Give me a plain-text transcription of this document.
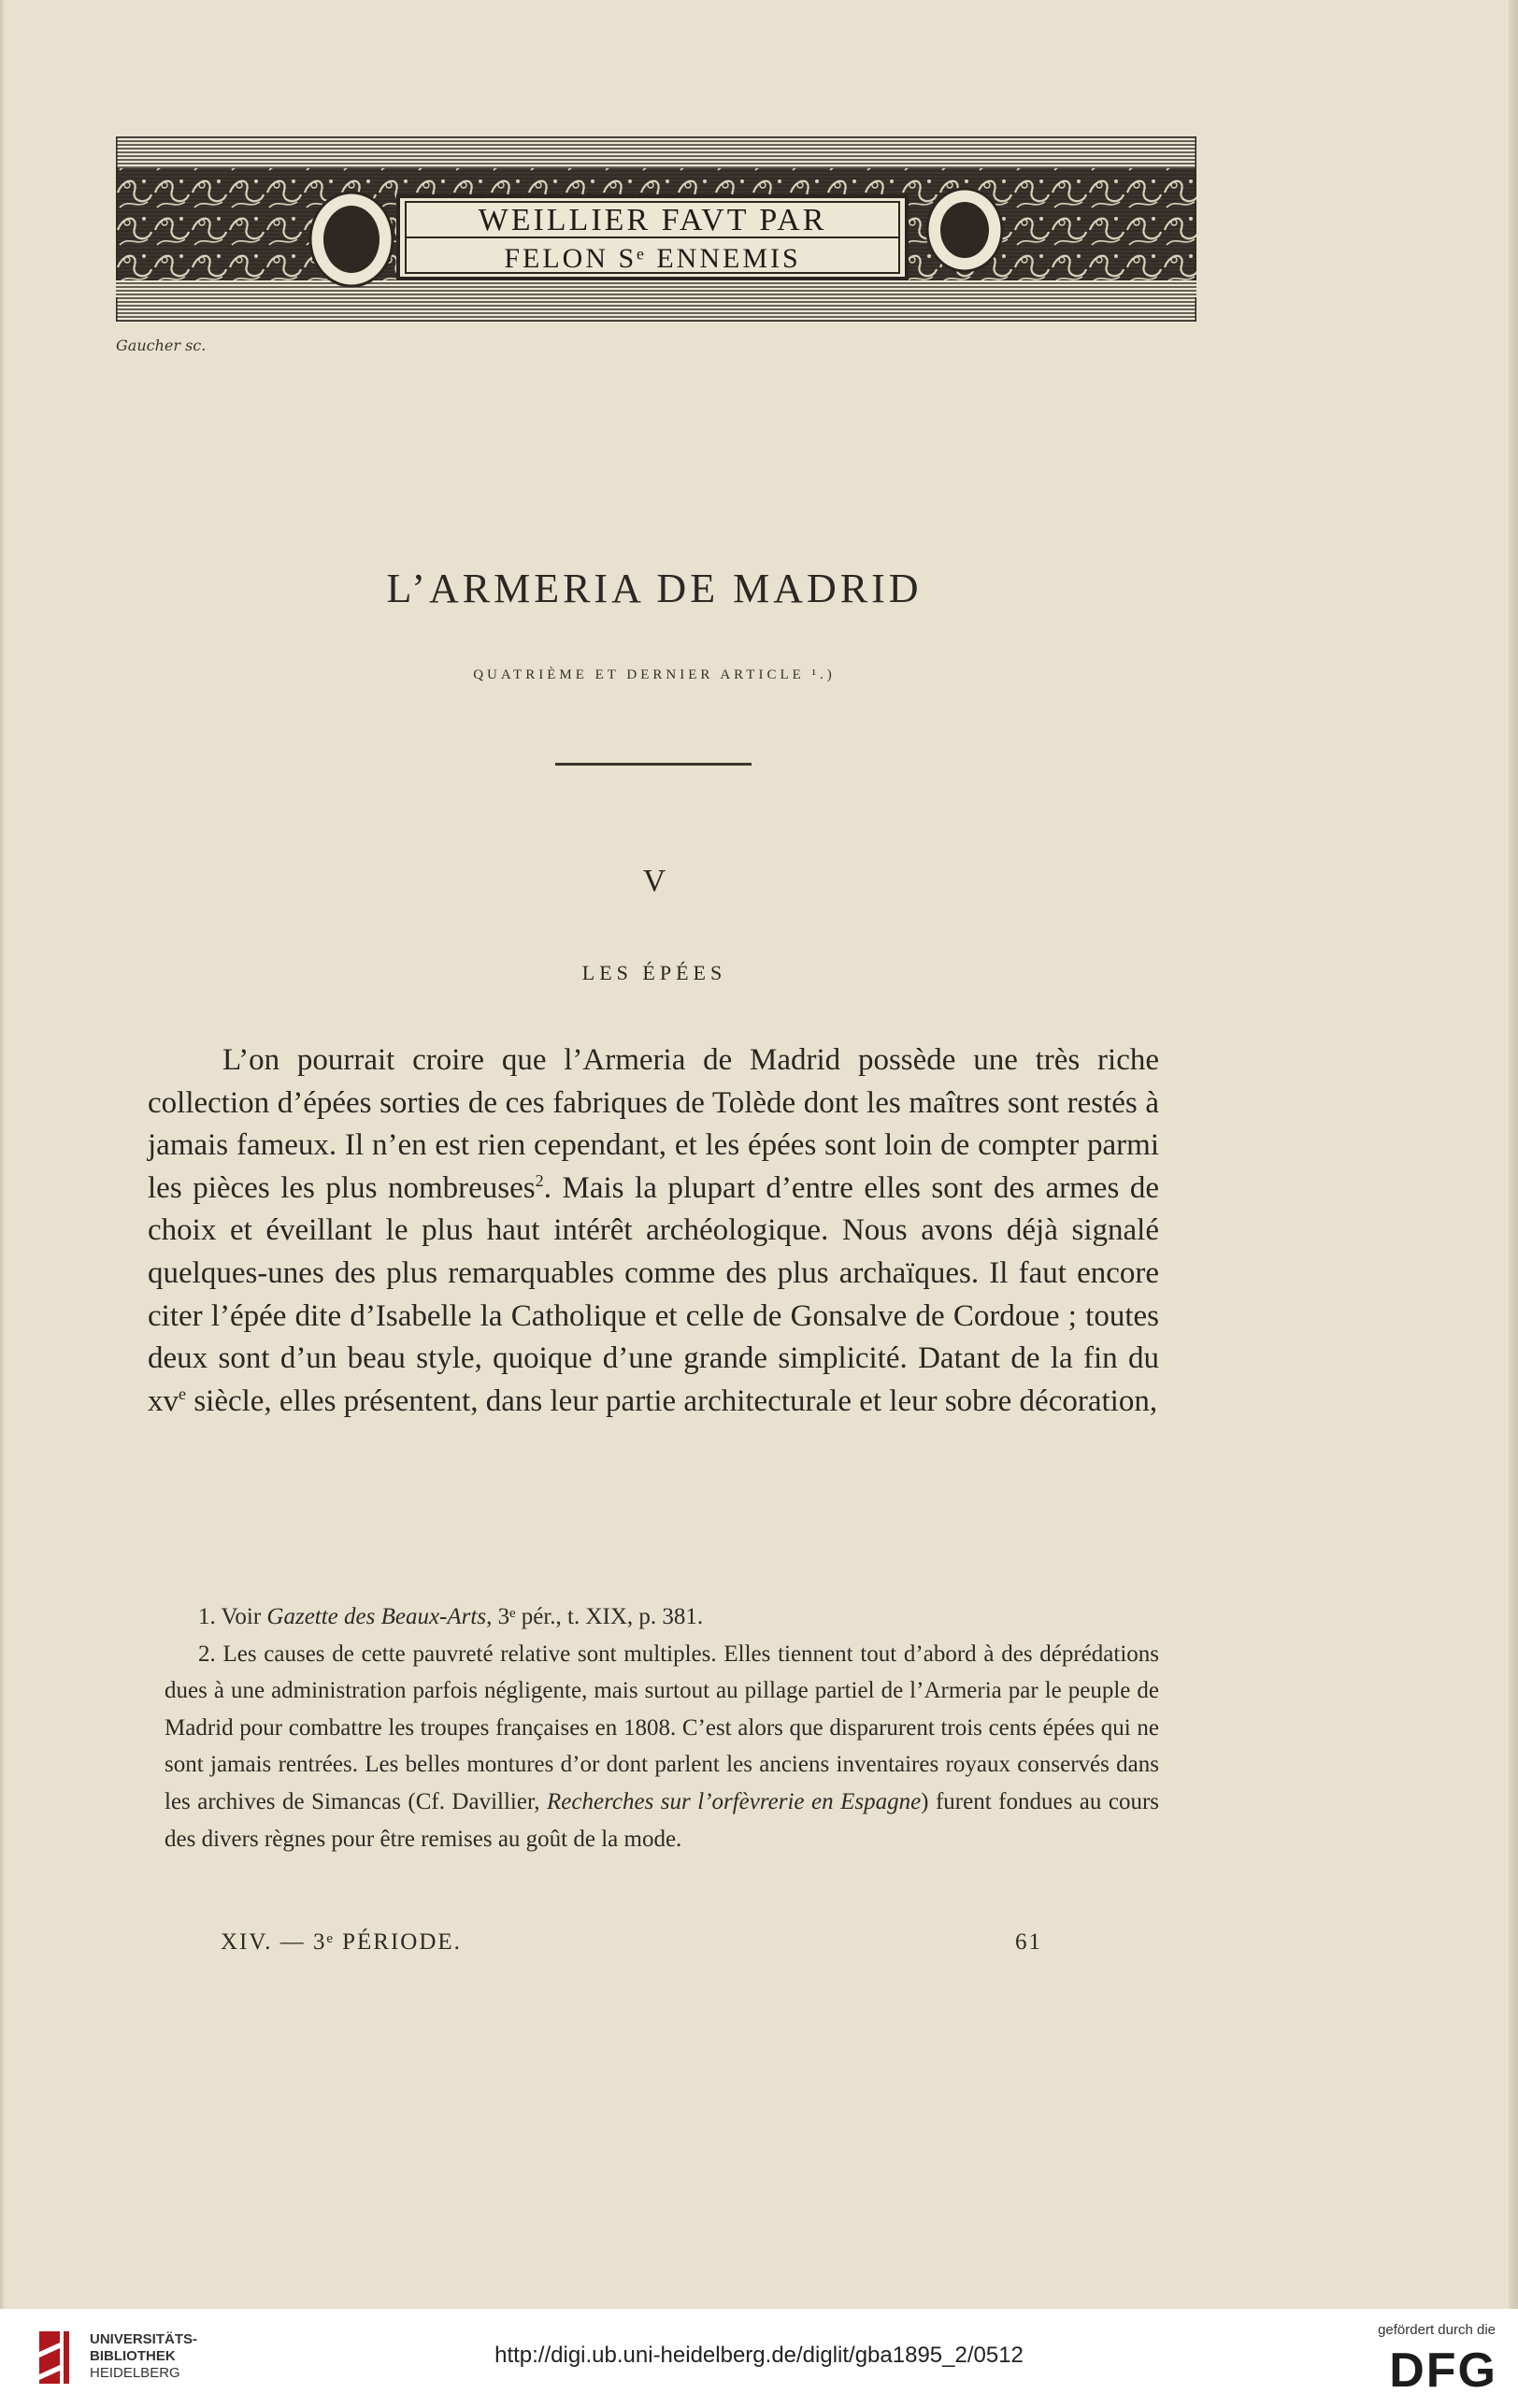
WEILLIER FAVT PAR
FELON Sᵉ ENNEMIS
Gaucher sc.
L’ARMERIA DE MADRID
QUATRIÈME ET DERNIER ARTICLE ¹.)
V
LES ÉPÉES
L’on pourrait croire que l’Armeria de Madrid possède une très riche collection d’épées sorties de ces fabriques de Tolède dont les maîtres sont restés à jamais fameux. Il n’en est rien cependant, et les épées sont loin de compter parmi les pièces les plus nombreuses$^2$. Mais la plupart d’entre elles sont des armes de choix et éveillant le plus haut intérêt archéologique. Nous avons déjà signalé quelques-unes des plus remarquables comme des plus archaïques. Il faut encore citer l’épée dite d’Isabelle la Catholique et celle de Gonsalve de Cordoue ; toutes deux sont d’un beau style, quoique d’une grande simplicité. Datant de la fin du $xv^e$ siècle, elles présentent, dans leur partie architecturale et leur sobre décoration,

1. Voir Gazette des Beaux-Arts, 3ᵉ pér., t. XIX, p. 381.

2. Les causes de cette pauvreté relative sont multiples. Elles tiennent tout d’abord à des déprédations dues à une administration parfois négligente, mais surtout au pillage partiel de l’Armeria par le peuple de Madrid pour combattre les troupes françaises en 1808. C’est alors que disparurent trois cents épées qui ne sont jamais rentrées. Les belles montures d’or dont parlent les anciens inventaires royaux conservés dans les archives de Simancas (Cf. Davillier, Recherches sur l’orfèvrerie en Espagne) furent fondues au cours des divers règnes pour être remises au goût de la mode.

XIV. — 3ᵉ PÉRIODE.	61
UNIVERSITÄTS-
BIBLIOTHEK
HEIDELBERG
http://digi.ub.uni-heidelberg.de/diglit/gba1895_2/0512
gefördert durch die
DFG
